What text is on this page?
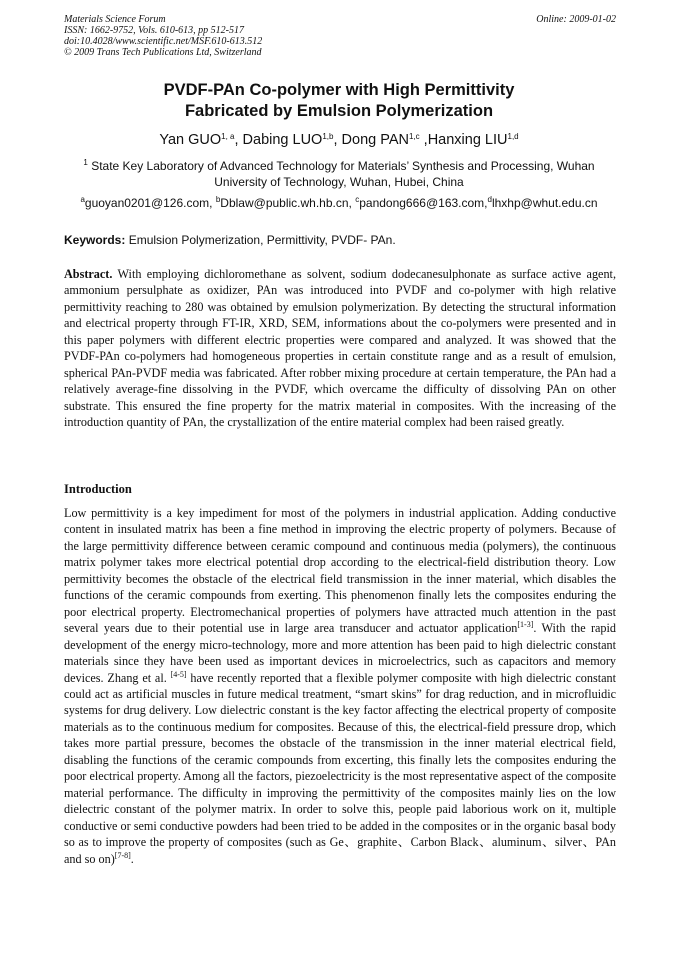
Materials Science Forum
ISSN: 1662-9752, Vols. 610-613, pp 512-517
doi:10.4028/www.scientific.net/MSF.610-613.512
© 2009 Trans Tech Publications Ltd, Switzerland
Online: 2009-01-02
PVDF-PAn Co-polymer with High Permittivity
Fabricated by Emulsion Polymerization
Yan GUO$^{1, a}$, Dabing LUO$^{1,b}$, Dong PAN$^{1,c}$ ,Hanxing LIU$^{1,d}$
$^1$ State Key Laboratory of Advanced Technology for Materials’ Synthesis and Processing, Wuhan University of Technology, Wuhan, Hubei, China
$^a$guoyan0201@126.com, $^b$Dblaw@public.wh.hb.cn, $^c$pandong666@163.com,$^d$lhxhp@whut.edu.cn
Keywords: Emulsion Polymerization, Permittivity, PVDF- PAn.
Abstract. With employing dichloromethane as solvent, sodium dodecanesulphonate as surface active agent, ammonium persulphate as oxidizer, PAn was introduced into PVDF and co-polymer with high relative permittivity reaching to 280 was obtained by emulsion polymerization. By detecting the structural information and electrical property through FT-IR, XRD, SEM, informations about the co-polymers were presented and in this paper polymers with different electric properties were compared and analyzed. It was showed that the PVDF-PAn co-polymers had homogeneous properties in certain constitute range and as a result of emulsion, spherical PAn-PVDF media was fabricated. After robber mixing procedure at certain temperature, the PAn had a relatively average-fine dissolving in the PVDF, which overcame the difficulty of dissolving PAn on other substrate. This ensured the fine property for the matrix material in composites. With the increasing of the introduction quantity of PAn, the crystallization of the entire material complex had been raised greatly.
Introduction
Low permittivity is a key impediment for most of the polymers in industrial application. Adding conductive content in insulated matrix has been a fine method in improving the electric property of polymers. Because of the large permittivity difference between ceramic compound and continuous media (polymers), the continuous matrix polymer takes more electrical potential drop according to the electrical-field distribution theory. Low permittivity becomes the obstacle of the electrical field transmission in the inner material, which disables the functions of the ceramic compounds from exerting. This phenomenon finally lets the composites enduring the poor electrical property. Electromechanical properties of polymers have attracted much attention in the past several years due to their potential use in large area transducer and actuator application[1-3]. With the rapid development of the energy micro-technology, more and more attention has been paid to high dielectric constant materials since they have been used as important devices in microelectrics, such as capacitors and memory devices. Zhang et al. [4-5] have recently reported that a flexible polymer composite with high dielectric constant could act as artificial muscles in future medical treatment, “smart skins” for drag reduction, and in microfluidic systems for drug delivery. Low dielectric constant is the key factor affecting the electrical property of composite materials as to the continuous medium for composites. Because of this, the electrical-field pressure drop, which takes more partial pressure, becomes the obstacle of the transmission in the inner material electrical field, disabling the functions of the ceramic compounds from excerting, this finally lets the composites enduring the poor electrical property. Among all the factors, piezoelectricity is the most representative aspect of the composite material performance. The difficulty in improving the permittivity of the composites mainly lies on the low dielectric constant of the polymer matrix. In order to solve this, people paid laborious work on it, multiple conductive or semi conductive powders had been tried to be added in the composites or in the organic basal body so as to improve the property of composites (such as Ge、graphite、Carbon Black、aluminum、silver、PAn and so on)[7-8].
